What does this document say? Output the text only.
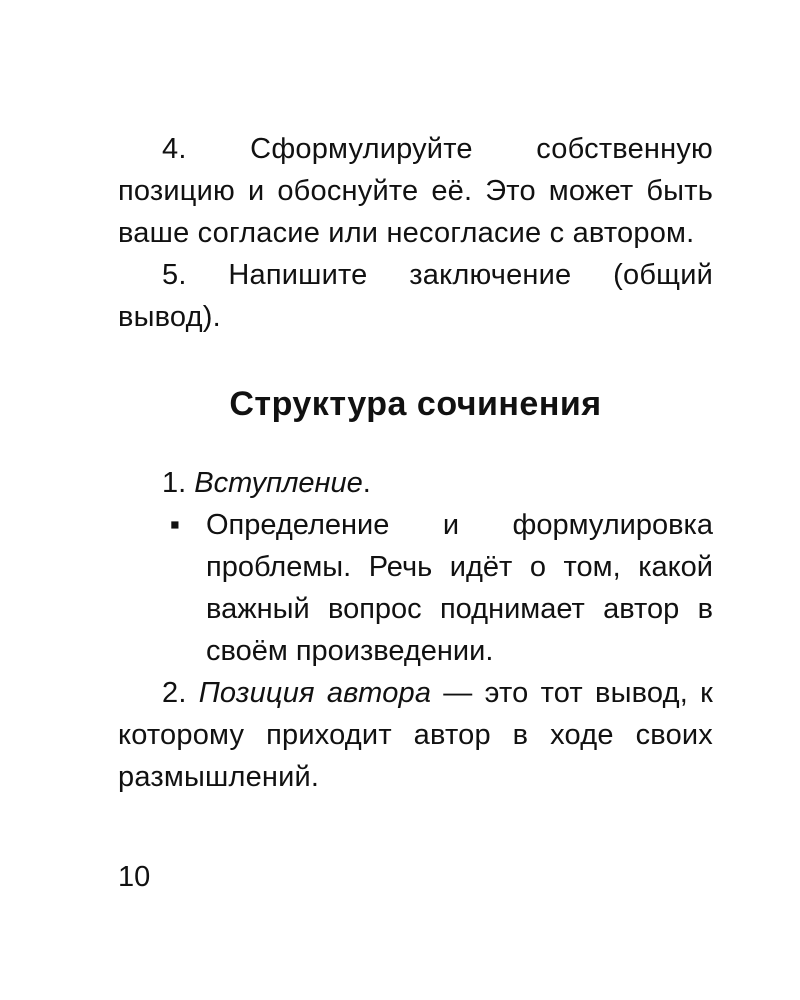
4. Сформулируйте собственную позицию и обоснуйте её. Это может быть ваше согласие или несогласие с автором.

5. Напишите заключение (общий вывод).

Структура сочинения

1. Вступление.

▪ Определение и формулировка проблемы. Речь идёт о том, какой важный вопрос поднимает автор в своём произведении.

2. Позиция автора — это тот вывод, к которому приходит автор в ходе своих размышлений.

10
